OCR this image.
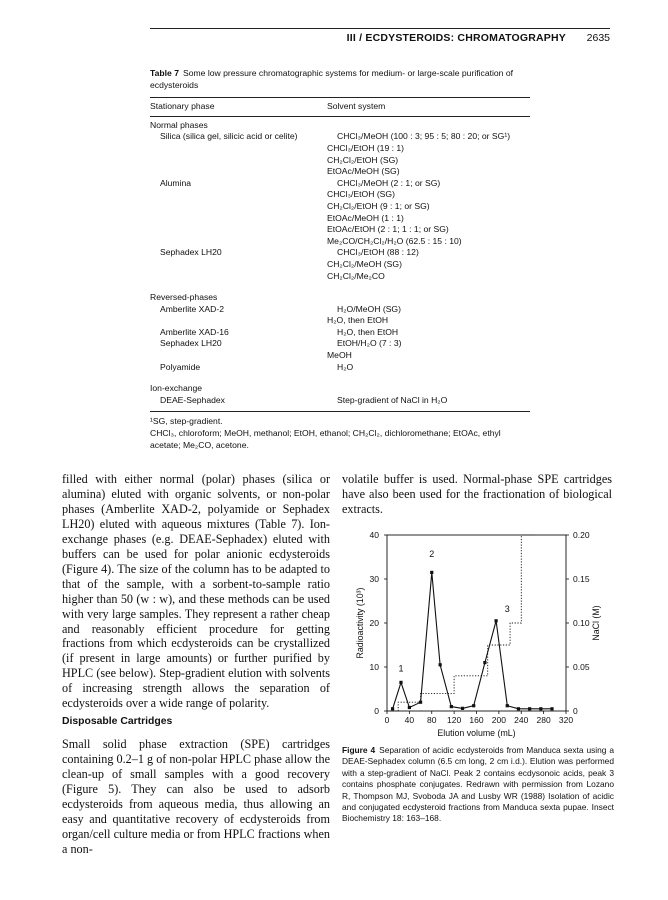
III / ECDYSTEROIDS: CHROMATOGRAPHY 2635
Table 7 Some low pressure chromatographic systems for medium- or large-scale purification of ecdysteroids
Stationary phase	Solvent system
Normal phases
Silica (silica gel, silicic acid or celite)	CHCl₃/MeOH (100 : 3; 95 : 5; 80 : 20; or SG¹)
CHCl₃/EtOH (19 : 1)
CH₂Cl₂/EtOH (SG)
EtOAc/MeOH (SG)
Alumina	CHCl₃/MeOH (2 : 1; or SG)
CHCl₃/EtOH (SG)
CH₂Cl₂/EtOH (9 : 1; or SG)
EtOAc/MeOH (1 : 1)
EtOAc/EtOH (2 : 1; 1 : 1; or SG)
Me₂CO/CH₂Cl₂/H₂O (62.5 : 15 : 10)
Sephadex LH20	CHCl₃/EtOH (88 : 12)
CH₂Cl₂/MeOH (SG)
CH₂Cl₂/Me₂CO
Reversed-phases
Amberlite XAD-2	H₂O/MeOH (SG)
H₂O, then EtOH
Amberlite XAD-16	H₂O, then EtOH
Sephadex LH20	EtOH/H₂O (7 : 3)
MeOH
Polyamide	H₂O
Ion-exchange
DEAE-Sephadex	Step-gradient of NaCl in H₂O
¹SG, step-gradient.
CHCl₃, chloroform; MeOH, methanol; EtOH, ethanol; CH₂Cl₂, dichloromethane; EtOAc, ethyl acetate; Me₂CO, acetone.

filled with either normal (polar) phases (silica or alumina) eluted with organic solvents, or non-polar phases (Amberlite XAD-2, polyamide or Sephadex LH20) eluted with aqueous mixtures (Table 7). Ion-exchange phases (e.g. DEAE-Sephadex) eluted with buffers can be used for polar anionic ecdysteroids (Figure 4). The size of the column has to be adapted to that of the sample, with a sorbent-to-sample ratio higher than 50 (w : w), and these methods can be used with very large samples. They represent a rather cheap and reasonably efficient procedure for getting fractions from which ecdysteroids can be crystallized (if present in large amounts) or further purified by HPLC (see below). Step-gradient elution with solvents of increasing strength allows the separation of ecdysteroids over a wide range of polarity.

Disposable Cartridges

Small solid phase extraction (SPE) cartridges containing 0.2–1 g of non-polar HPLC phase allow the clean-up of small samples with a good recovery (Figure 5). They can also be used to adsorb ecdysteroids from aqueous media, thus allowing an easy and quantitative recovery of ecdysteroids from organ/cell culture media or from HPLC fractions when a non-

volatile buffer is used. Normal-phase SPE cartridges have also been used for the fractionation of biological extracts.

0 40 80 120 160 200 240 280 320
0
10
20
30
40
0
0.05
0.10
0.15
0.20
Elution volume (mL)
Radioactivity (10³)	NaCl (M)
1
2
3
Figure 4 Separation of acidic ecdysteroids from Manduca sexta using a DEAE-Sephadex column (6.5 cm long, 2 cm i.d.). Elution was performed with a step-gradient of NaCl. Peak 2 contains ecdysonoic acids, peak 3 contains phosphate conjugates. Redrawn with permission from Lozano R, Thompson MJ, Svoboda JA and Lusby WR (1988) Isolation of acidic and conjugated ecdysteroid fractions from Manduca sexta pupae. Insect Biochemistry 18: 163–168.
